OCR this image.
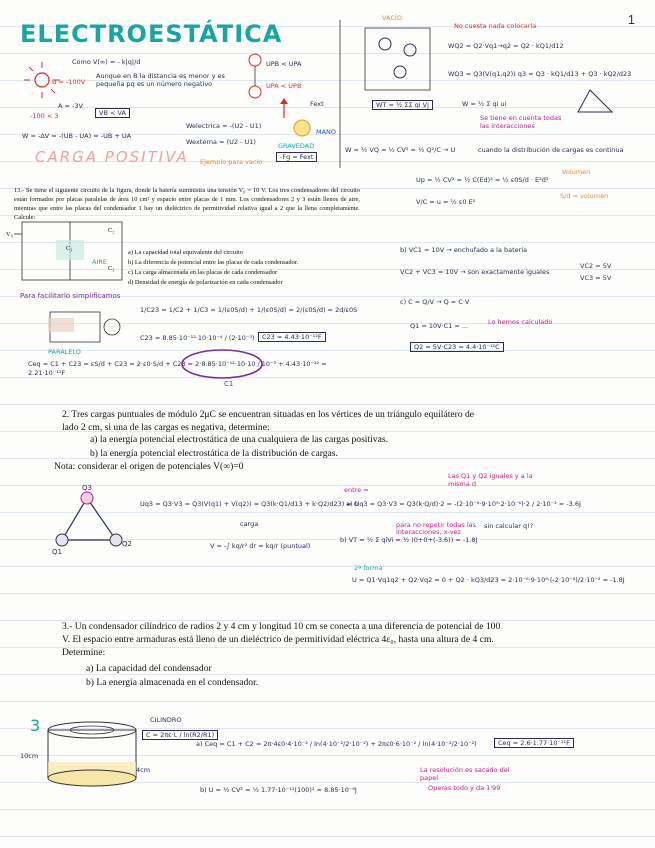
ELECTROESTÁTICA
1
Como V(∞) = - k|q|/d
Aunque en B la distancia es menor y es pequeña pq es un número negativo
B = -100V
A = -3V
-100 < 3	VB < VA
UPB < UPA
UPA < UPB
W = -ΔV = -(UB - UA) = -UB + UA
Welectrica = -(U2 - U1)
Wexterna = (U2 - U1)
CARGA POSITIVA Ejemplo para vacío
Fext
MANO
GRAVEDAD
-Fg = Fext
VACÍO
No cuesta nada colocarla
WQ2 = Q2·Vq1→q2 = Q2 · kQ1/d12
WQ3 = Q3(V(q1,q2)) q3 = Q3 · kQ1/d13 + Q3 · kQ2/d23
WT = ½ ΣΣ qi Vj	W = ½ Σ qi ui
Se tiene en cuenta todas las interacciones
W = ½ VQ = ½ CV² = ½ Q²/C → U	cuando la distribución de cargas es continua
Up = ½ CV² = ½ C(Ed)² = ½ ε0S/d · E²d²
Volumen
V/C = u = ½ ε0 E²
S/d = volumen
13.- Se tiene el siguiente circuito de la figura, donde la batería suministra una tensión V₀ = 10 V. Los tres condensadores del circuito están formados por placas paralelas de área 10 cm² y espacio entre placas de 1 mm. Los condensadores 2 y 3 están llenos de aire, mientras que entre las placas del condensador 1 hay un dieléctrico de permitividad relativa igual a 2 que la llena completamente. Calcule:
a) La capacidad total equivalente del circuito
b) La diferencia de potencial entre las placas de cada condensador.
c) La carga almacenada en las placas de cada condensador
d) Densidad de energía de polarización en cada condensador
V₀
C₁
C₂
C₃
AIRE
Para facilitarlo simplificamos
PARALELO
1/C23 = 1/C2 + 1/C3 = 1/(ε0S/d) + 1/(ε0S/d) = 2/(ε0S/d) = 2d/ε0S
C23 = 8.85·10⁻¹²·10·10⁻⁴ / (2·10⁻³)	C23 = 4.43·10⁻¹²F
Ceq = C1 + C23 = εS/d + C23 = 2·ε0·S/d + C23 = 2·8.85·10⁻¹²·10·10 / 10⁻³ + 4.43·10⁻¹² = 2.21·10⁻¹¹F
C1
b) VC1 = 10V → enchufado a la batería
VC2 + VC3 = 10V → son exactamente iguales
VC2 = 5V
VC3 = 5V
c) C = Q/V → Q = C·V
Q1 = 10V·C1 = ...	Lo hemos calculado
Q2 = 5V·C23 = 4.4·10⁻¹¹C
2. Tres cargas puntuales de módulo 2μC se encuentran situadas en los vértices de un triángulo equilátero de lado 2 cm, si una de las cargas es negativa, determine:
a) la energía potencial electrostática de una cualquiera de las cargas positivas.
b) la energía potencial electrostática de la distribución de cargas.
Nota: considerar el origen de potenciales V(∞)=0
Q3
Q1
Q2
Las Q1 y Q2 iguales y a la misma d
Uq3 = Q3·V3 = Q3(V(q1) + V(q2)) = Q3(k·Q1/d13 + k·Q2/d23) = 0
entre =
a) Uq3 = Q3·V3 = Q3(k·Q/d)·2 = -(2·10⁻⁶·9·10⁹·2·10⁻⁶)·2 / 2·10⁻² = -3.6J
carga
V = -∫ kq/r² dr = kq/r (puntual)
b) VT = ½ Σ qiVi = ½ (0+0+(-3.6)) = -1.8J
para no repetir todas las interacciones, x-vez
sin calcular q!?
2ª forma
U = Q1·Vq1q2 + Q2·Vq2 = 0 + Q2 · kQ3/d23 = 2·10⁻⁶·9·10⁹·(-2·10⁻⁶)/2·10⁻² = -1.8J
3.- Un condensador cilíndrico de radios 2 y 4 cm y longitud 10 cm se conecta a una diferencia de potencial de 100 V. El espacio entre armaduras está lleno de un dieléctrico de permitividad eléctrica 4ε₀, hasta una altura de 4 cm. Determine:
a) La capacidad del condensador
b) La energía almacenada en el condensador.
3	CILINDRO
C = 2πε·L / ln(R2/R1)
10cm
4cm
a) Ceq = C1 + C2 = 2π·4ε0·4·10⁻² / ln(4·10⁻²/2·10⁻²) + 2πε0·6·10⁻² / ln(4·10⁻²/2·10⁻²)	Ceq = 2.6·1.77·10⁻¹¹F
b) U = ½ CV² = ½ 1.77·10⁻¹¹(100)² = 8.85·10⁻⁸J
La resolución es sacado del papel
Operas todo y da 1'99
